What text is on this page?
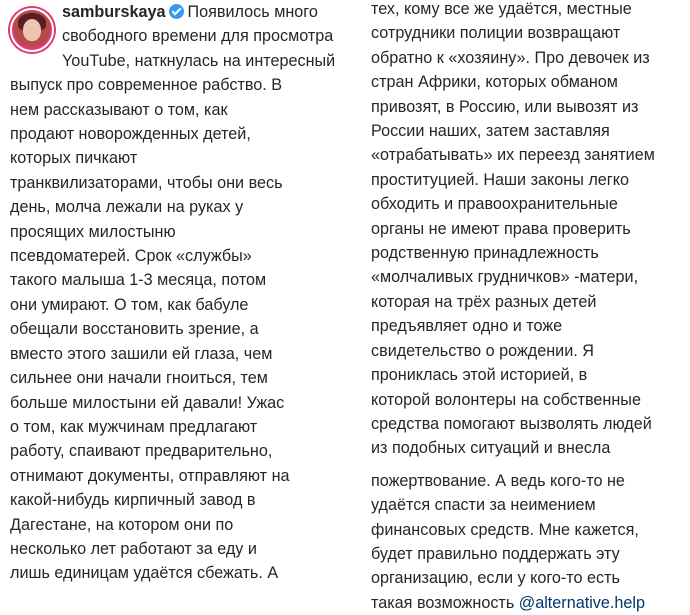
samburskaya Появилось много
свободного времени для просмотра
YouTube, наткнулась на интересный
выпуск про современное рабство. В
нем рассказывают о том, как
продают новорожденных детей,
которых пичкают
транквилизаторами, чтобы они весь
день, молча лежали на руках у
просящих милостыню
псевдоматерей. Срок «службы»
такого малыша 1-3 месяца, потом
они умирают. О том, как бабуле
обещали восстановить зрение, а
вместо этого зашили ей глаза, чем
сильнее они начали гноиться, тем
больше милостыни ей давали! Ужас
о том, как мужчинам предлагают
работу, спаивают предварительно,
отнимают документы, отправляют на
какой-нибудь кирпичный завод в
Дагестане, на котором они по
несколько лет работают за еду и
лишь единицам удаётся сбежать. А
тех, кому все же удаётся, местные
сотрудники полиции возвращают
обратно к «хозяину». Про девочек из
стран Африки, которых обманом
привозят, в Россию, или вывозят из
России наших, затем заставляя
«отрабатывать» их переезд занятием
проституцией. Наши законы легко
обходить и правоохранительные
органы не имеют права проверить
родственную принадлежность
«молчаливых грудничков» -матери,
которая на трёх разных детей
предъявляет одно и тоже
свидетельство о рождении. Я
прониклась этой историей, в
которой волонтеры на собственные
средства помогают вызволять людей
из подобных ситуаций и внесла
пожертвование. А ведь кого-то не
удаётся спасти за неимением
финансовых средств. Мне кажется,
будет правильно поддержать эту
организацию, если у кого-то есть
такая возможность @alternative.help
